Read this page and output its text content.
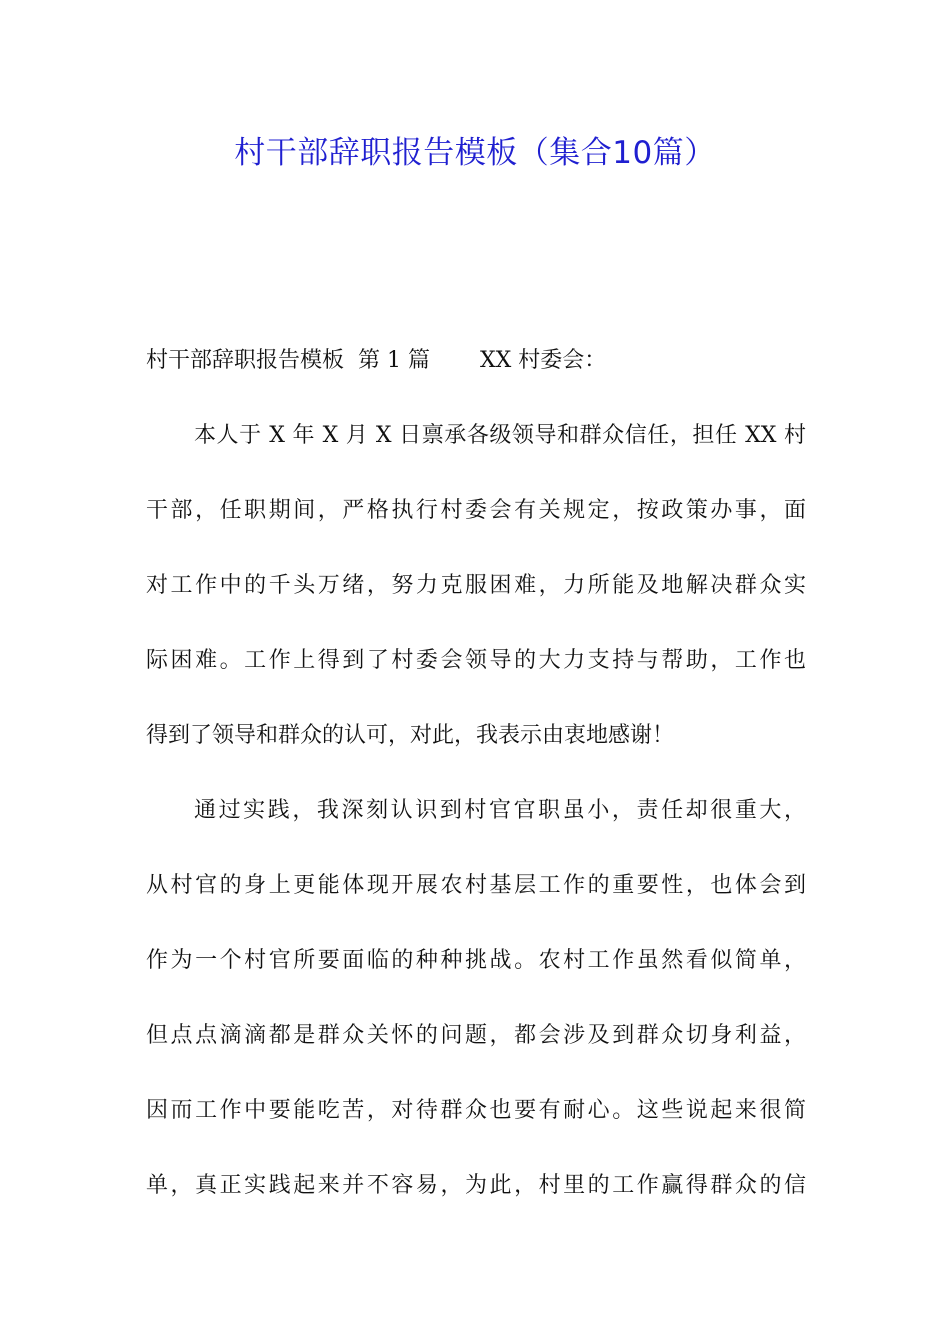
村干部辞职报告模板（集合10篇）
村干部辞职报告模板  第 1 篇 XX 村委会：
本人于 X 年 X 月 X 日禀承各级领导和群众信任，担任 XX 村
干部，任职期间，严格执行村委会有关规定，按政策办事，面
对工作中的千头万绪，努力克服困难，力所能及地解决群众实
际困难。工作上得到了村委会领导的大力支持与帮助，工作也
得到了领导和群众的认可，对此，我表示由衷地感谢！
通过实践，我深刻认识到村官官职虽小，责任却很重大，
从村官的身上更能体现开展农村基层工作的重要性，也体会到
作为一个村官所要面临的种种挑战。农村工作虽然看似简单，
但点点滴滴都是群众关怀的问题，都会涉及到群众切身利益，
因而工作中要能吃苦，对待群众也要有耐心。这些说起来很简
单，真正实践起来并不容易，为此，村里的工作赢得群众的信
